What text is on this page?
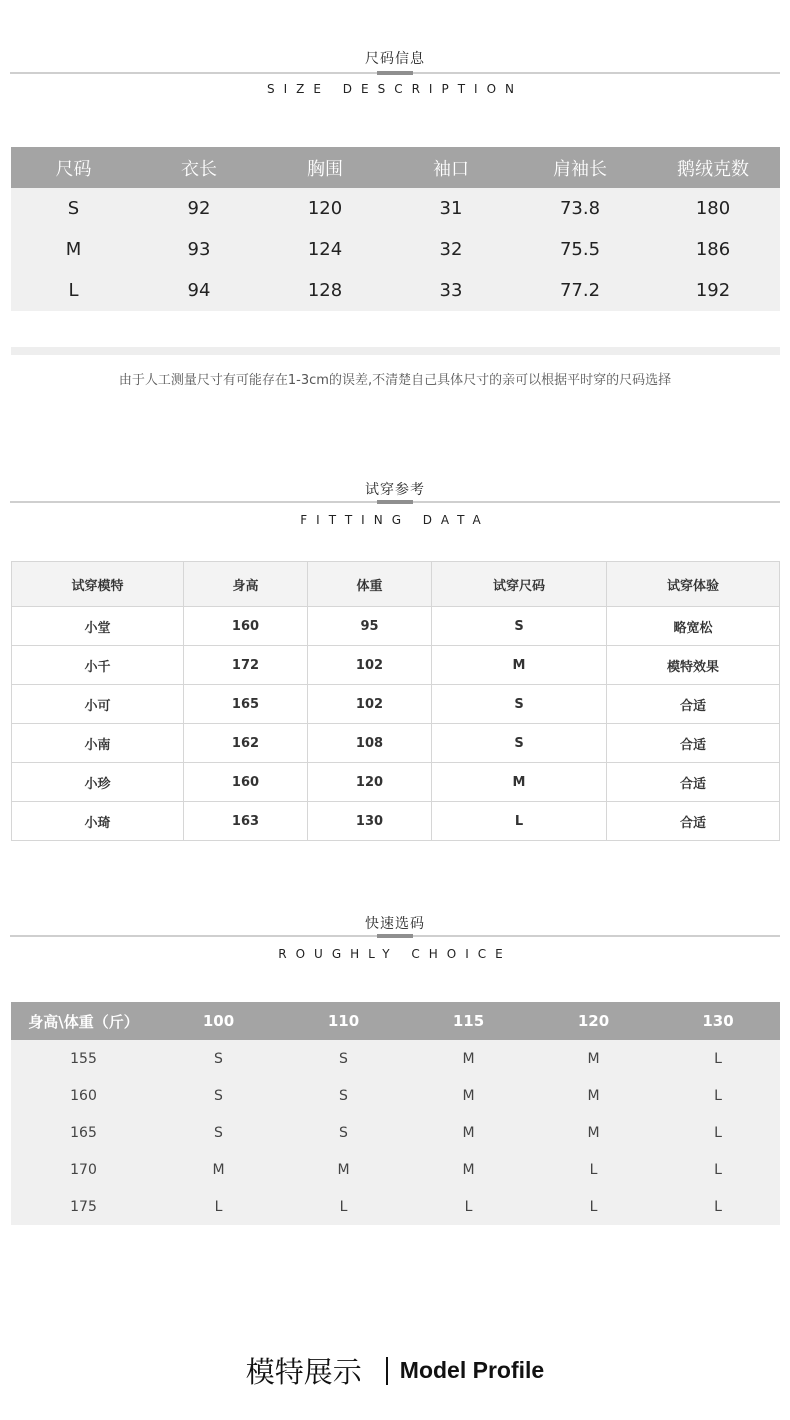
尺码信息
SIZE DESCRIPTION
尺码	衣长	胸围	袖口	肩袖长	鹅绒克数
S	92	120	31	73.8	180
M	93	124	32	75.5	186
L	94	128	33	77.2	192
由于人工测量尺寸有可能存在1-3cm的误差,不清楚自己具体尺寸的亲可以根据平时穿的尺码选择
试穿参考
FITTING DATA
试穿模特	身高	体重	试穿尺码	试穿体验
小堂	160	95	S	略宽松
小千	172	102	M	模特效果
小可	165	102	S	合适
小南	162	108	S	合适
小珍	160	120	M	合适
小琦	163	130	L	合适
快速选码
ROUGHLY CHOICE
身高\体重（斤）	100	110	115	120	130
155	S	S	M	M	L
160	S	S	M	M	L
165	S	S	M	M	L
170	M	M	M	L	L
175	L	L	L	L	L
模特展示 Model Profile
